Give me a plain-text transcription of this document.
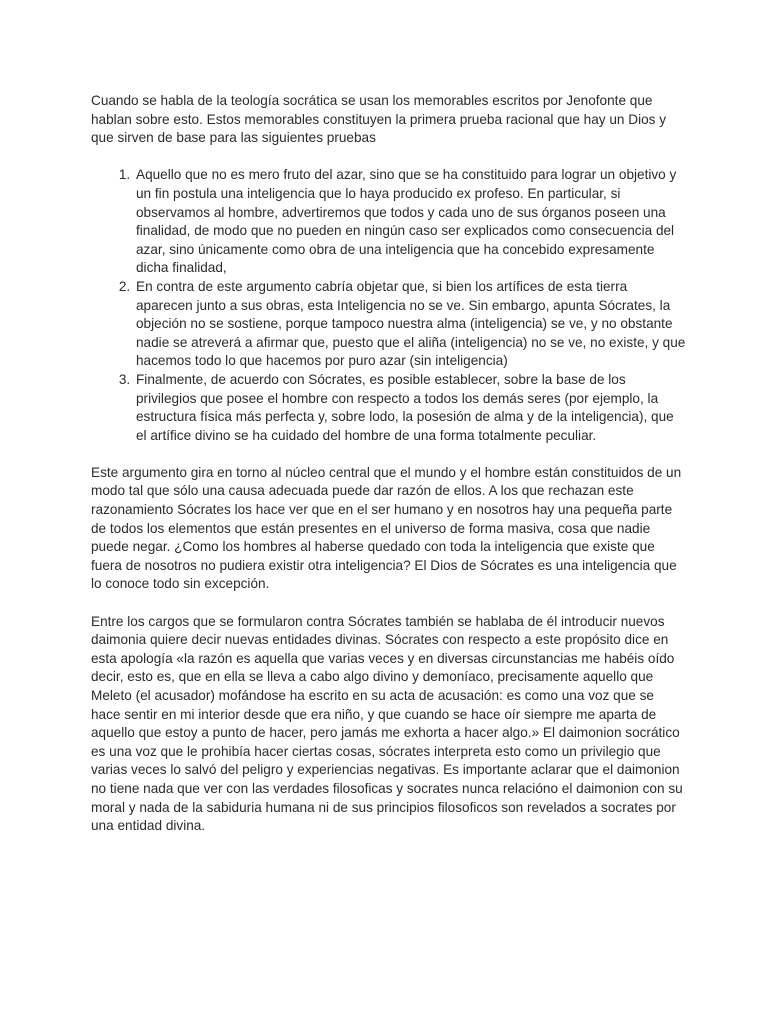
Cuando se habla de la teología socrática se usan los memorables escritos por Jenofonte que hablan sobre esto. Estos memorables constituyen la primera prueba racional que hay un Dios y que sirven de base para las siguientes pruebas

1. Aquello que no es mero fruto del azar, sino que se ha constituido para lograr un objetivo y un fin postula una inteligencia que lo haya producido ex profeso. En particular, si observamos al hombre, advertiremos que todos y cada uno de sus órganos poseen una finalidad, de modo que no pueden en ningún caso ser explicados como consecuencia del azar, sino únicamente como obra de una inteligencia que ha concebido expresamente dicha finalidad,
2. En contra de este argumento cabría objetar que, si bien los artífices de esta tierra aparecen junto a sus obras, esta Inteligencia no se ve. Sin embargo, apunta Sócrates, la objeción no se sostiene, porque tampoco nuestra alma (inteligencia) se ve, y no obstante nadie se atreverá a afirmar que, puesto que el aliña (inteligencia) no se ve, no existe, y que hacemos todo lo que hacemos por puro azar (sin inteligencia)
3. Finalmente, de acuerdo con Sócrates, es posible establecer, sobre la base de los privilegios que posee el hombre con respecto a todos los demás seres (por ejemplo, la estructura física más perfecta y, sobre lodo, la posesión de alma y de la inteligencia), que el artífice divino se ha cuidado del hombre de una forma totalmente peculiar.

Este argumento gira en torno al núcleo central que el mundo y el hombre están constituidos de un modo tal que sólo una causa adecuada puede dar razón de ellos. A los que rechazan este razonamiento Sócrates los hace ver que en el ser humano y en nosotros hay una pequeña parte de todos los elementos que están presentes en el universo de forma masiva, cosa que nadie puede negar. ¿Como los hombres al haberse quedado con toda la inteligencia que existe que fuera de nosotros no pudiera existir otra inteligencia? El Dios de Sócrates es una inteligencia que lo conoce todo sin excepción.

Entre los cargos que se formularon contra Sócrates también se hablaba de él introducir nuevos daimonia quiere decir nuevas entidades divinas. Sócrates con respecto a este propósito dice en esta apología «la razón es aquella que varias veces y en diversas circunstancias me habéis oído decir, esto es, que en ella se lleva a cabo algo divino y demoníaco, precisamente aquello que Meleto (el acusador) mofándose ha escrito en su acta de acusación: es como una voz que se hace sentir en mi interior desde que era niño, y que cuando se hace oír siempre me aparta de aquello que estoy a punto de hacer, pero jamás me exhorta a hacer algo.» El daimonion socrático es una voz que le prohibía hacer ciertas cosas, sócrates interpreta esto como un privilegio que varias veces lo salvó del peligro y experiencias negativas. Es importante aclarar que el daimonion no tiene nada que ver con las verdades filosoficas y socrates nunca relacióno el daimonion con su moral y nada de la sabiduria humana ni de sus principios filosoficos son revelados a socrates por una entidad divina.
